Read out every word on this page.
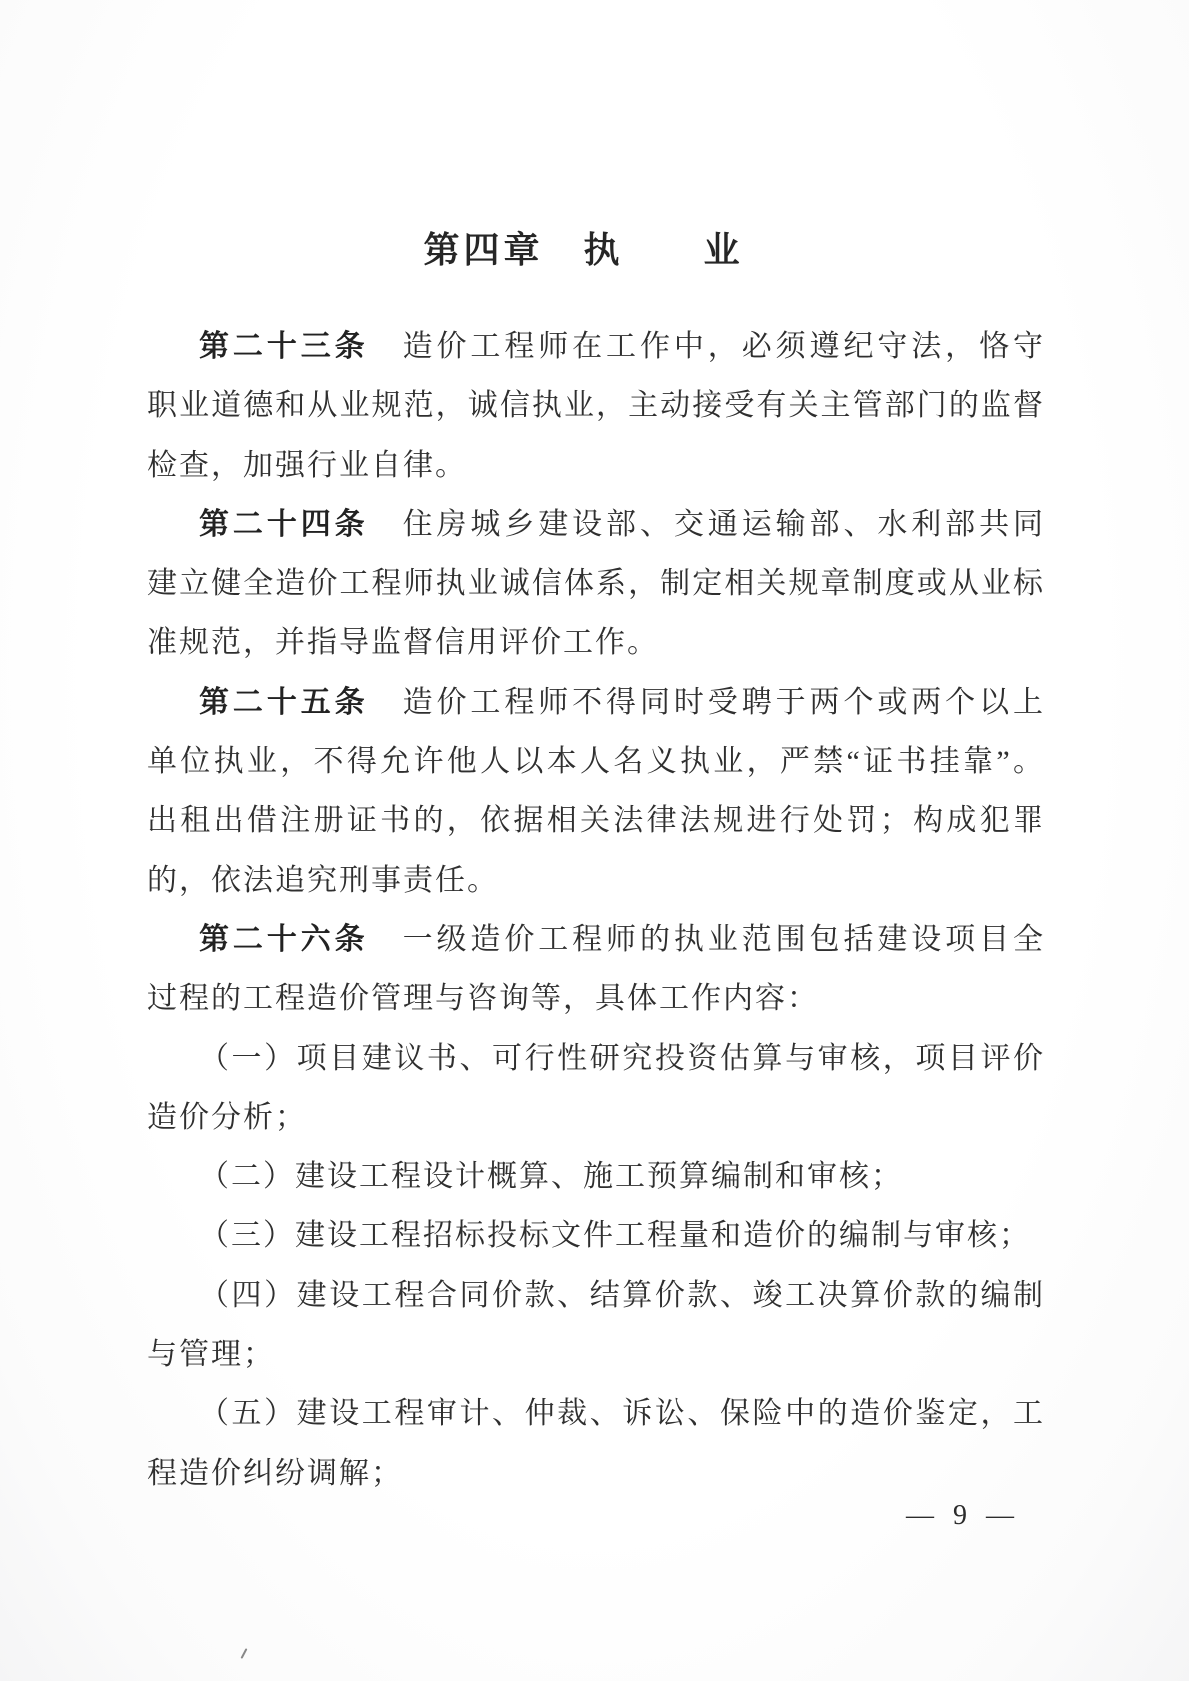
第四章　执　　业
第二十三条 造价工程师在工作中，必须遵纪守法，恪守
职业道德和从业规范，诚信执业，主动接受有关主管部门的监督
检查，加强行业自律。
第二十四条 住房城乡建设部、交通运输部、水利部共同
建立健全造价工程师执业诚信体系，制定相关规章制度或从业标
准规范，并指导监督信用评价工作。
第二十五条 造价工程师不得同时受聘于两个或两个以上
单位执业，不得允许他人以本人名义执业，严禁“证书挂靠”。
出租出借注册证书的，依据相关法律法规进行处罚；构成犯罪
的，依法追究刑事责任。
第二十六条 一级造价工程师的执业范围包括建设项目全
过程的工程造价管理与咨询等，具体工作内容：
（一）项目建议书、可行性研究投资估算与审核，项目评价
造价分析；
（二）建设工程设计概算、施工预算编制和审核；
（三）建设工程招标投标文件工程量和造价的编制与审核；
（四）建设工程合同价款、结算价款、竣工决算价款的编制
与管理；
（五）建设工程审计、仲裁、诉讼、保险中的造价鉴定，工
程造价纠纷调解；
— 9 —
